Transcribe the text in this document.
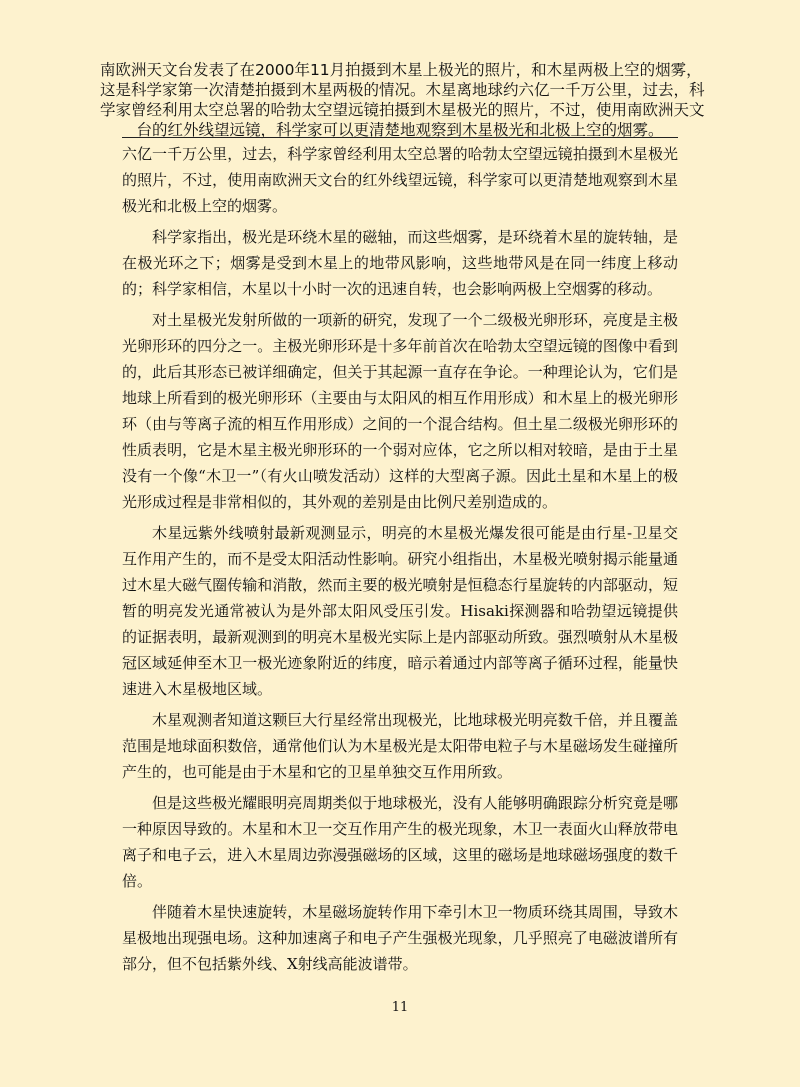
南欧洲天文台发表了在2000年11月拍摄到木星上极光的照片，和木星两极上空的烟雾，
这是科学家第一次清楚拍摄到木星两极的情况。木星离地球约六亿一千万公里，过去，科
学家曾经利用太空总署的哈勃太空望远镜拍摄到木星极光的照片，不过，使用南欧洲天文
台的红外线望远镜，科学家可以更清楚地观察到木星极光和北极上空的烟雾。

六亿一千万公里，过去，科学家曾经利用太空总署的哈勃太空望远镜拍摄到木星极光的照片，不过，使用南欧洲天文台的红外线望远镜，科学家可以更清楚地观察到木星极光和北极上空的烟雾。

科学家指出，极光是环绕木星的磁轴，而这些烟雾，是环绕着木星的旋转轴，是在极光环之下；烟雾是受到木星上的地带风影响，这些地带风是在同一纬度上移动的；科学家相信，木星以十小时一次的迅速自转，也会影响两极上空烟雾的移动。

对土星极光发射所做的一项新的研究，发现了一个二级极光卵形环，亮度是主极光卵形环的四分之一。主极光卵形环是十多年前首次在哈勃太空望远镜的图像中看到的，此后其形态已被详细确定，但关于其起源一直存在争论。一种理论认为，它们是地球上所看到的极光卵形环（主要由与太阳风的相互作用形成）和木星上的极光卵形环（由与等离子流的相互作用形成）之间的一个混合结构。但土星二级极光卵形环的性质表明，它是木星主极光卵形环的一个弱对应体，它之所以相对较暗，是由于土星没有一个像“木卫一”（有火山喷发活动）这样的大型离子源。因此土星和木星上的极光形成过程是非常相似的，其外观的差别是由比例尺差别造成的。

木星远紫外线喷射最新观测显示，明亮的木星极光爆发很可能是由行星-卫星交互作用产生的，而不是受太阳活动性影响。研究小组指出，木星极光喷射揭示能量通过木星大磁气圈传输和消散，然而主要的极光喷射是恒稳态行星旋转的内部驱动，短暂的明亮发光通常被认为是外部太阳风受压引发。Hisaki探测器和哈勃望远镜提供的证据表明，最新观测到的明亮木星极光实际上是内部驱动所致。强烈喷射从木星极冠区域延伸至木卫一极光迹象附近的纬度，暗示着通过内部等离子循环过程，能量快速进入木星极地区域。

木星观测者知道这颗巨大行星经常出现极光，比地球极光明亮数千倍，并且覆盖范围是地球面积数倍，通常他们认为木星极光是太阳带电粒子与木星磁场发生碰撞所产生的，也可能是由于木星和它的卫星单独交互作用所致。

但是这些极光耀眼明亮周期类似于地球极光，没有人能够明确跟踪分析究竟是哪一种原因导致的。木星和木卫一交互作用产生的极光现象，木卫一表面火山释放带电离子和电子云，进入木星周边弥漫强磁场的区域，这里的磁场是地球磁场强度的数千倍。

伴随着木星快速旋转，木星磁场旋转作用下牵引木卫一物质环绕其周围，导致木星极地出现强电场。这种加速离子和电子产生强极光现象，几乎照亮了电磁波谱所有部分，但不包括紫外线、X射线高能波谱带。

11
